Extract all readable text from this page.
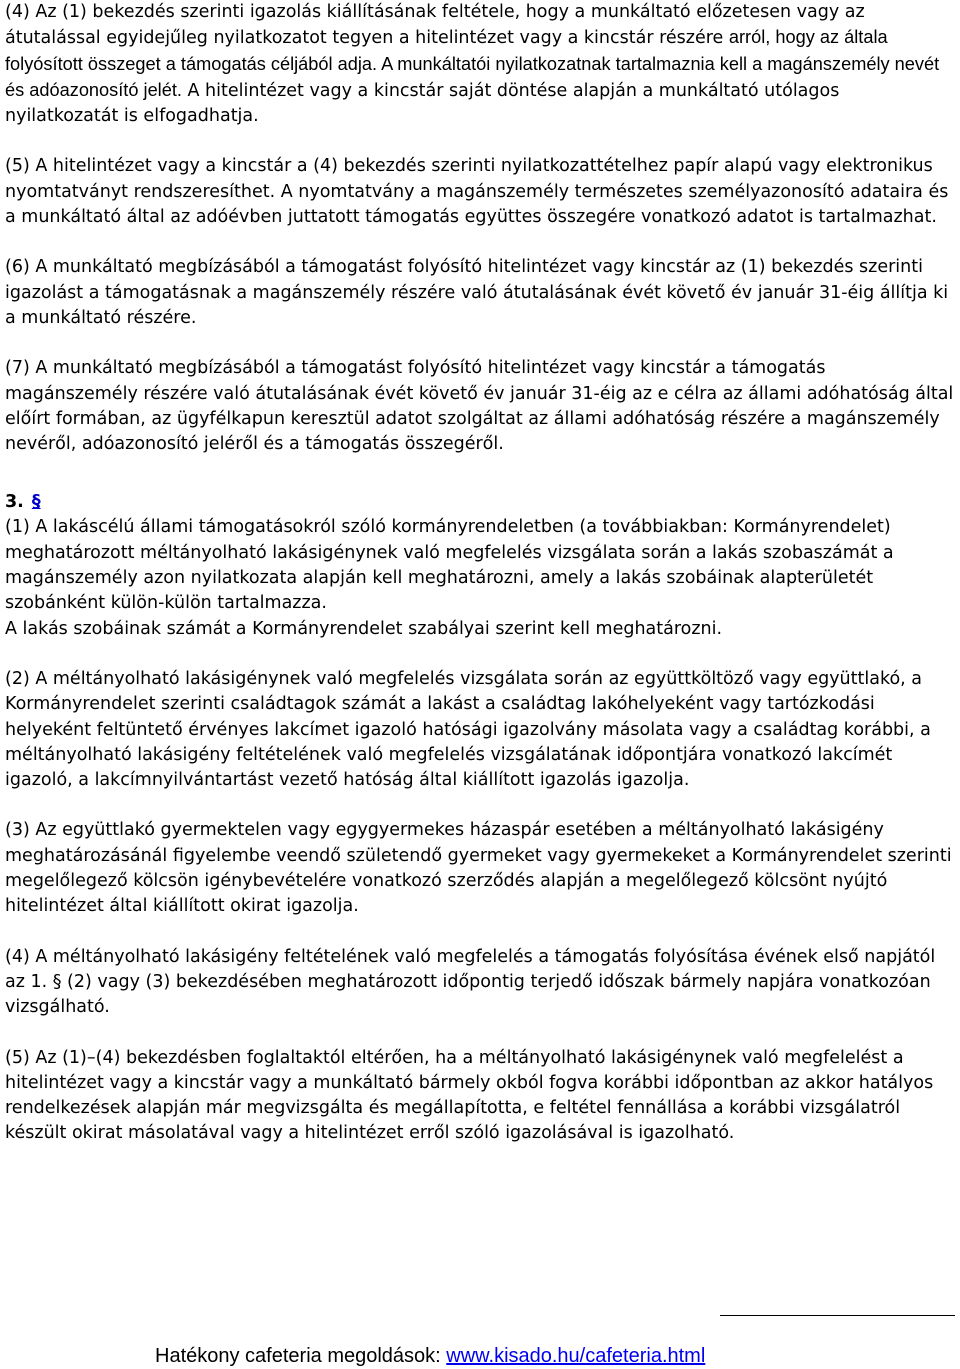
(4) Az (1) bekezdés szerinti igazolás kiállításának feltétele, hogy a munkáltató előzetesen vagy az átutalással egyidejűleg nyilatkozatot tegyen a hitelintézet vagy a kincstár részére arról, hogy az általa folyósított összeget a támogatás céljából adja. A munkáltatói nyilatkozatnak tartalmaznia kell a magánszemély nevét és adóazonosító jelét. A hitelintézet vagy a kincstár saját döntése alapján a munkáltató utólagos nyilatkozatát is elfogadhatja.

(5) A hitelintézet vagy a kincstár a (4) bekezdés szerinti nyilatkozattételhez papír alapú vagy elektronikus nyomtatványt rendszeresíthet. A nyomtatvány a magánszemély természetes személyazonosító adataira és a munkáltató által az adóévben juttatott támogatás együttes összegére vonatkozó adatot is tartalmazhat.

(6) A munkáltató megbízásából a támogatást folyósító hitelintézet vagy kincstár az (1) bekezdés szerinti igazolást a támogatásnak a magánszemély részére való átutalásának évét követő év január 31-éig állítja ki a munkáltató részére.

(7) A munkáltató megbízásából a támogatást folyósító hitelintézet vagy kincstár a támogatás magánszemély részére való átutalásának évét követő év január 31-éig az e célra az állami adóhatóság által előírt formában, az ügyfélkapun keresztül adatot szolgáltat az állami adóhatóság részére a magánszemély nevéről, adóazonosító jeléről és a támogatás összegéről.

3. §

(1) A lakáscélú állami támogatásokról szóló kormányrendeletben (a továbbiakban: Kormányrendelet) meghatározott méltányolható lakásigénynek való megfelelés vizsgálata során a lakás szobaszámát a magánszemély azon nyilatkozata alapján kell meghatározni, amely a lakás szobáinak alapterületét szobánként külön-külön tartalmazza.

A lakás szobáinak számát a Kormányrendelet szabályai szerint kell meghatározni.

(2) A méltányolható lakásigénynek való megfelelés vizsgálata során az együttköltöző vagy együttlakó, a Kormányrendelet szerinti családtagok számát a lakást a családtag lakóhelyeként vagy tartózkodási helyeként feltüntető érvényes lakcímet igazoló hatósági igazolvány másolata vagy a családtag korábbi, a méltányolható lakásigény feltételének való megfelelés vizsgálatának időpontjára vonatkozó lakcímét igazoló, a lakcímnyilvántartást vezető hatóság által kiállított igazolás igazolja.

(3) Az együttlakó gyermektelen vagy egygyermekes házaspár esetében a méltányolható lakásigény meghatározásánál figyelembe veendő születendő gyermeket vagy gyermekeket a Kormányrendelet szerinti megelőlegező kölcsön igénybevételére vonatkozó szerződés alapján a megelőlegező kölcsönt nyújtó hitelintézet által kiállított okirat igazolja.

(4) A méltányolható lakásigény feltételének való megfelelés a támogatás folyósítása évének első napjától az 1. § (2) vagy (3) bekezdésében meghatározott időpontig terjedő időszak bármely napjára vonatkozóan vizsgálható.

(5) Az (1)–(4) bekezdésben foglaltaktól eltérően, ha a méltányolható lakásigénynek való megfelelést a hitelintézet vagy a kincstár vagy a munkáltató bármely okból fogva korábbi időpontban az akkor hatályos rendelkezések alapján már megvizsgálta és megállapította, e feltétel fennállása a korábbi vizsgálatról készült okirat másolatával vagy a hitelintézet erről szóló igazolásával is igazolható.

Hatékony cafeteria megoldások: www.kisado.hu/cafeteria.html
